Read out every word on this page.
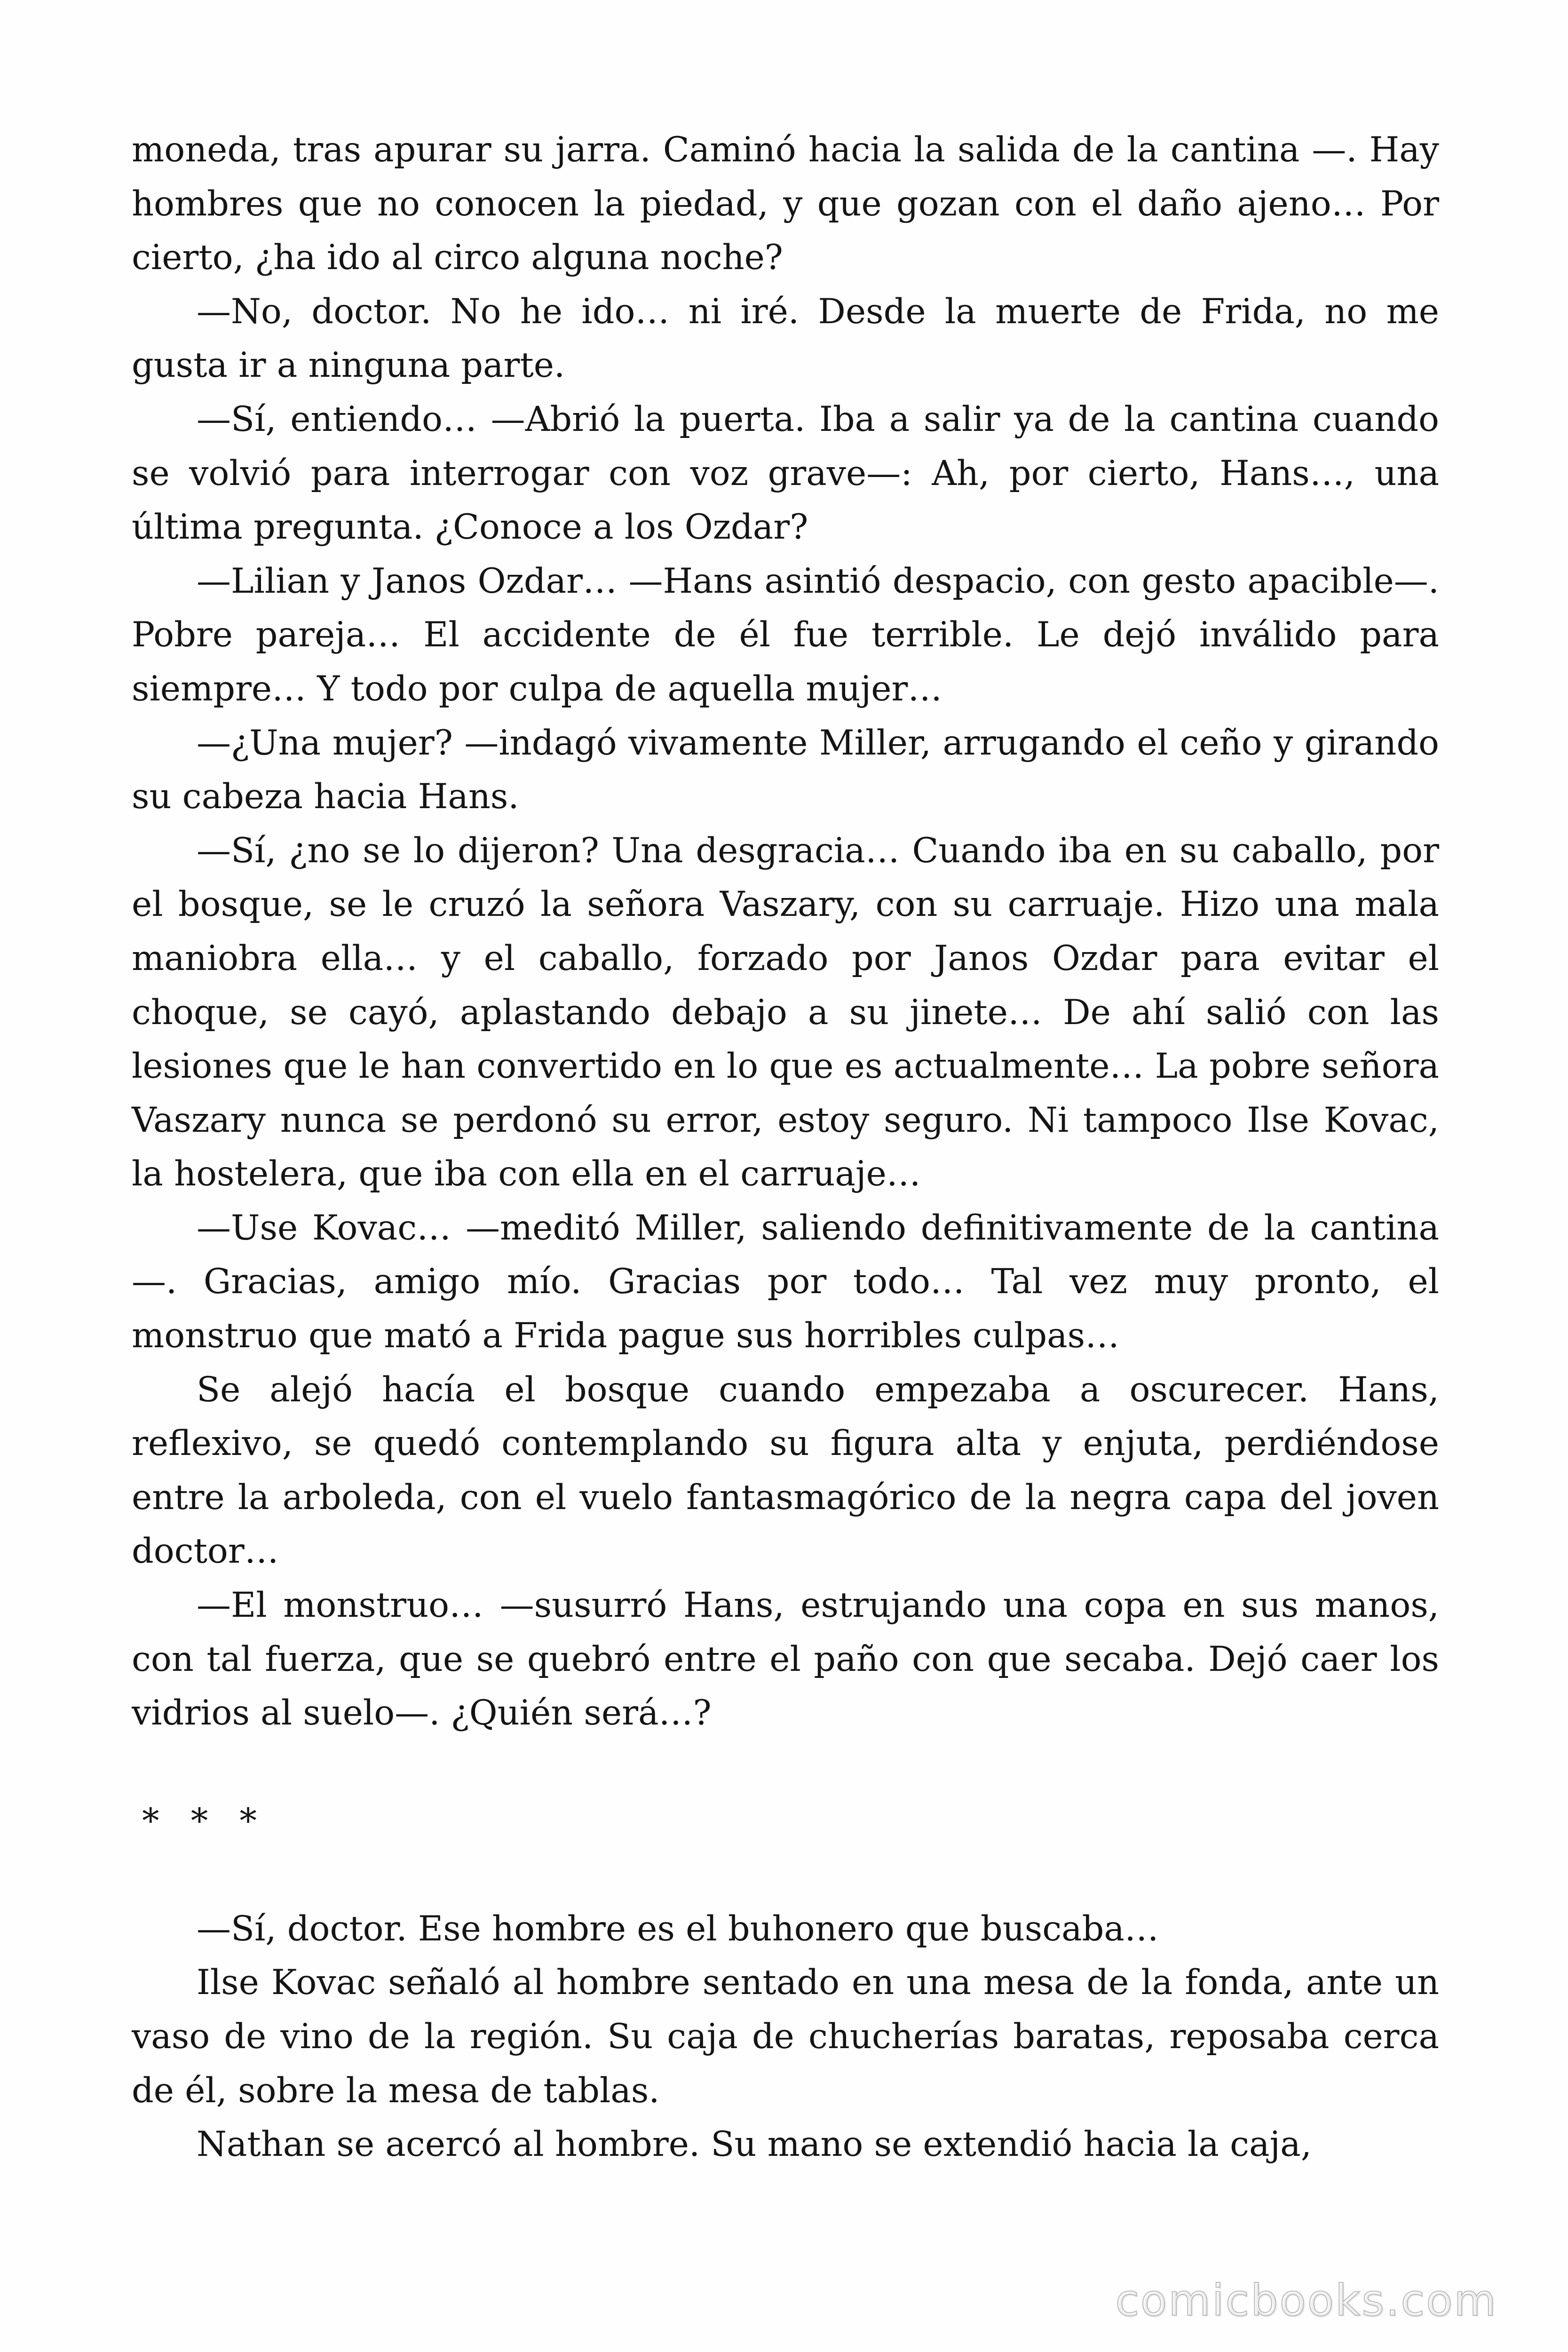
moneda, tras apurar su jarra. Caminó hacia la salida de la cantina —. Hay hombres que no conocen la piedad, y que gozan con el daño ajeno… Por cierto, ¿ha ido al circo alguna noche?

—No, doctor. No he ido… ni iré. Desde la muerte de Frida, no me gusta ir a ninguna parte.

—Sí, entiendo… —Abrió la puerta. Iba a salir ya de la cantina cuando se volvió para interrogar con voz grave—: Ah, por cierto, Hans…, una última pregunta. ¿Conoce a los Ozdar?

—Lilian y Janos Ozdar… —Hans asintió despacio, con gesto apacible—. Pobre pareja… El accidente de él fue terrible. Le dejó inválido para siempre… Y todo por culpa de aquella mujer…

—¿Una mujer? —indagó vivamente Miller, arrugando el ceño y girando su cabeza hacia Hans.

—Sí, ¿no se lo dijeron? Una desgracia… Cuando iba en su caballo, por el bosque, se le cruzó la señora Vaszary, con su carruaje. Hizo una mala maniobra ella… y el caballo, forzado por Janos Ozdar para evitar el choque, se cayó, aplastando debajo a su jinete… De ahí salió con las lesiones que le han convertido en lo que es actualmente… La pobre señora Vaszary nunca se perdonó su error, estoy seguro. Ni tampoco Ilse Kovac, la hostelera, que iba con ella en el carruaje…

—Use Kovac… —meditó Miller, saliendo definitivamente de la cantina—. Gracias, amigo mío. Gracias por todo… Tal vez muy pronto, el monstruo que mató a Frida pague sus horribles culpas…

Se alejó hacía el bosque cuando empezaba a oscurecer. Hans, reflexivo, se quedó contemplando su figura alta y enjuta, perdiéndose entre la arboleda, con el vuelo fantasmagórico de la negra capa del joven doctor…

—El monstruo… —susurró Hans, estrujando una copa en sus manos, con tal fuerza, que se quebró entre el paño con que secaba. Dejó caer los vidrios al suelo—. ¿Quién será…?

* * *

—Sí, doctor. Ese hombre es el buhonero que buscaba…

Ilse Kovac señaló al hombre sentado en una mesa de la fonda, ante un vaso de vino de la región. Su caja de chucherías baratas, reposaba cerca de él, sobre la mesa de tablas.

Nathan se acercó al hombre. Su mano se extendió hacia la caja,

comicbooks.com
